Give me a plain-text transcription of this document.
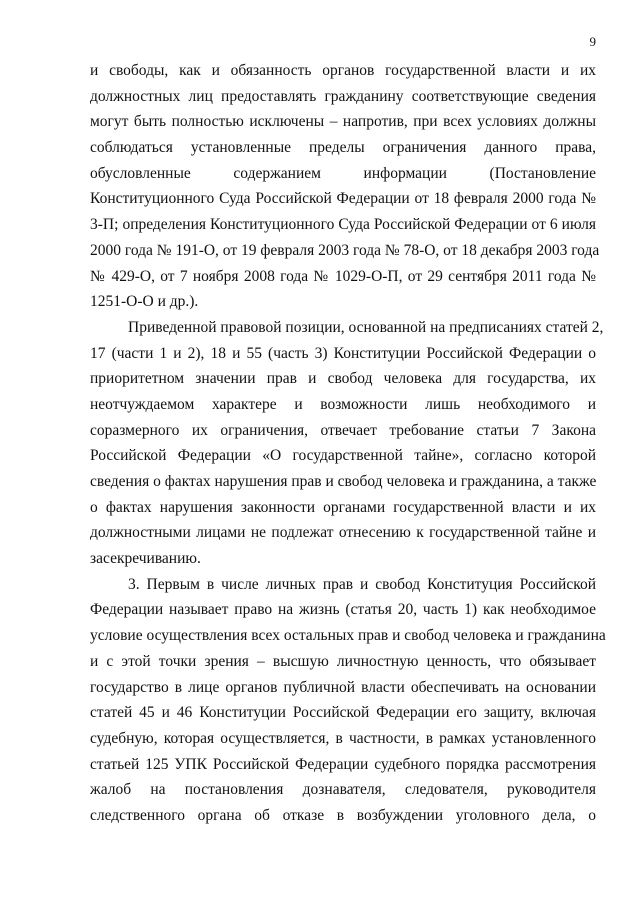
9
и свободы, как и обязанность органов государственной власти и их
должностных лиц предоставлять гражданину соответствующие сведения
могут быть полностью исключены – напротив, при всех условиях должны
соблюдаться установленные пределы ограничения данного права,
обусловленные содержанием информации (Постановление
Конституционного Суда Российской Федерации от 18 февраля 2000 года №
3-П; определения Конституционного Суда Российской Федерации от 6 июля
2000 года № 191-О, от 19 февраля 2003 года № 78-О, от 18 декабря 2003 года
№ 429-О, от 7 ноября 2008 года № 1029-О-П, от 29 сентября 2011 года №
1251-О-О и др.).
Приведенной правовой позиции, основанной на предписаниях статей 2,
17 (части 1 и 2), 18 и 55 (часть 3) Конституции Российской Федерации о
приоритетном значении прав и свобод человека для государства, их
неотчуждаемом характере и возможности лишь необходимого и
соразмерного их ограничения, отвечает требование статьи 7 Закона
Российской Федерации «О государственной тайне», согласно которой
сведения о фактах нарушения прав и свобод человека и гражданина, а также
о фактах нарушения законности органами государственной власти и их
должностными лицами не подлежат отнесению к государственной тайне и
засекречиванию.
3. Первым в числе личных прав и свобод Конституция Российской
Федерации называет право на жизнь (статья 20, часть 1) как необходимое
условие осуществления всех остальных прав и свобод человека и гражданина
и с этой точки зрения – высшую личностную ценность, что обязывает
государство в лице органов публичной власти обеспечивать на основании
статей 45 и 46 Конституции Российской Федерации его защиту, включая
судебную, которая осуществляется, в частности, в рамках установленного
статьей 125 УПК Российской Федерации судебного порядка рассмотрения
жалоб на постановления дознавателя, следователя, руководителя
следственного органа об отказе в возбуждении уголовного дела, о
